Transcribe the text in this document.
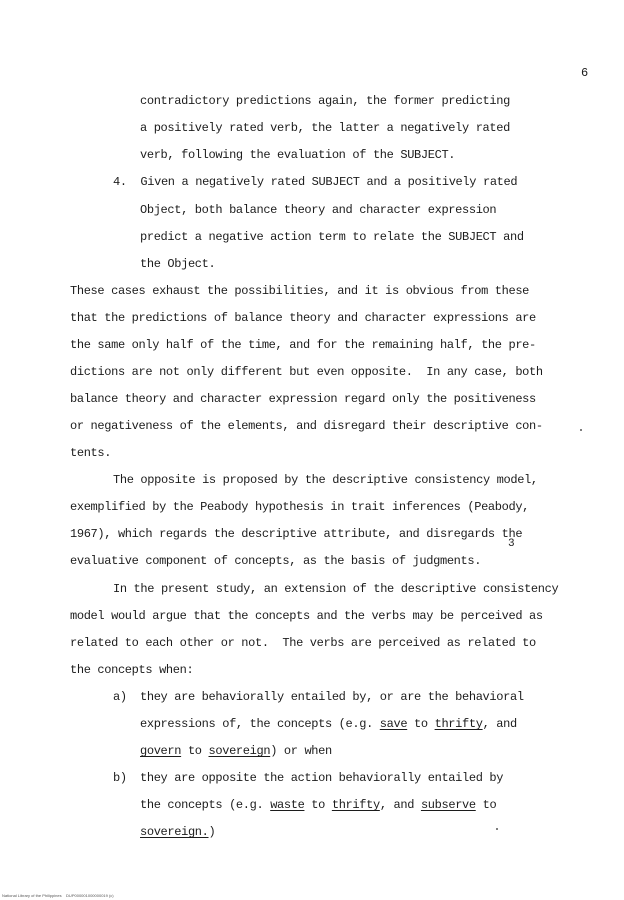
6
contradictory predictions again, the former predicting
a positively rated verb, the latter a negatively rated
verb, following the evaluation of the SUBJECT.
4.  Given a negatively rated SUBJECT and a positively rated
Object, both balance theory and character expression
predict a negative action term to relate the SUBJECT and
the Object.
These cases exhaust the possibilities, and it is obvious from these
that the predictions of balance theory and character expressions are
the same only half of the time, and for the remaining half, the pre-
dictions are not only different but even opposite.  In any case, both
balance theory and character expression regard only the positiveness
or negativeness of the elements, and disregard their descriptive con-
tents.
The opposite is proposed by the descriptive consistency model,
exemplified by the Peabody hypothesis in trait inferences (Peabody,
1967), which regards the descriptive attribute, and disregards the
3
evaluative component of concepts, as the basis of judgments.
In the present study, an extension of the descriptive consistency
model would argue that the concepts and the verbs may be perceived as
related to each other or not.  The verbs are perceived as related to
the concepts when:
a) they are behaviorally entailed by, or are the behavioral
expressions of, the concepts (e.g. save to thrifty, and
govern to sovereign) or when
b) they are opposite the action behaviorally entailed by
the concepts (e.g. waste to thrifty, and subserve to
sovereign.)
National Library of the Philippines DUP000001000000019 (c)
